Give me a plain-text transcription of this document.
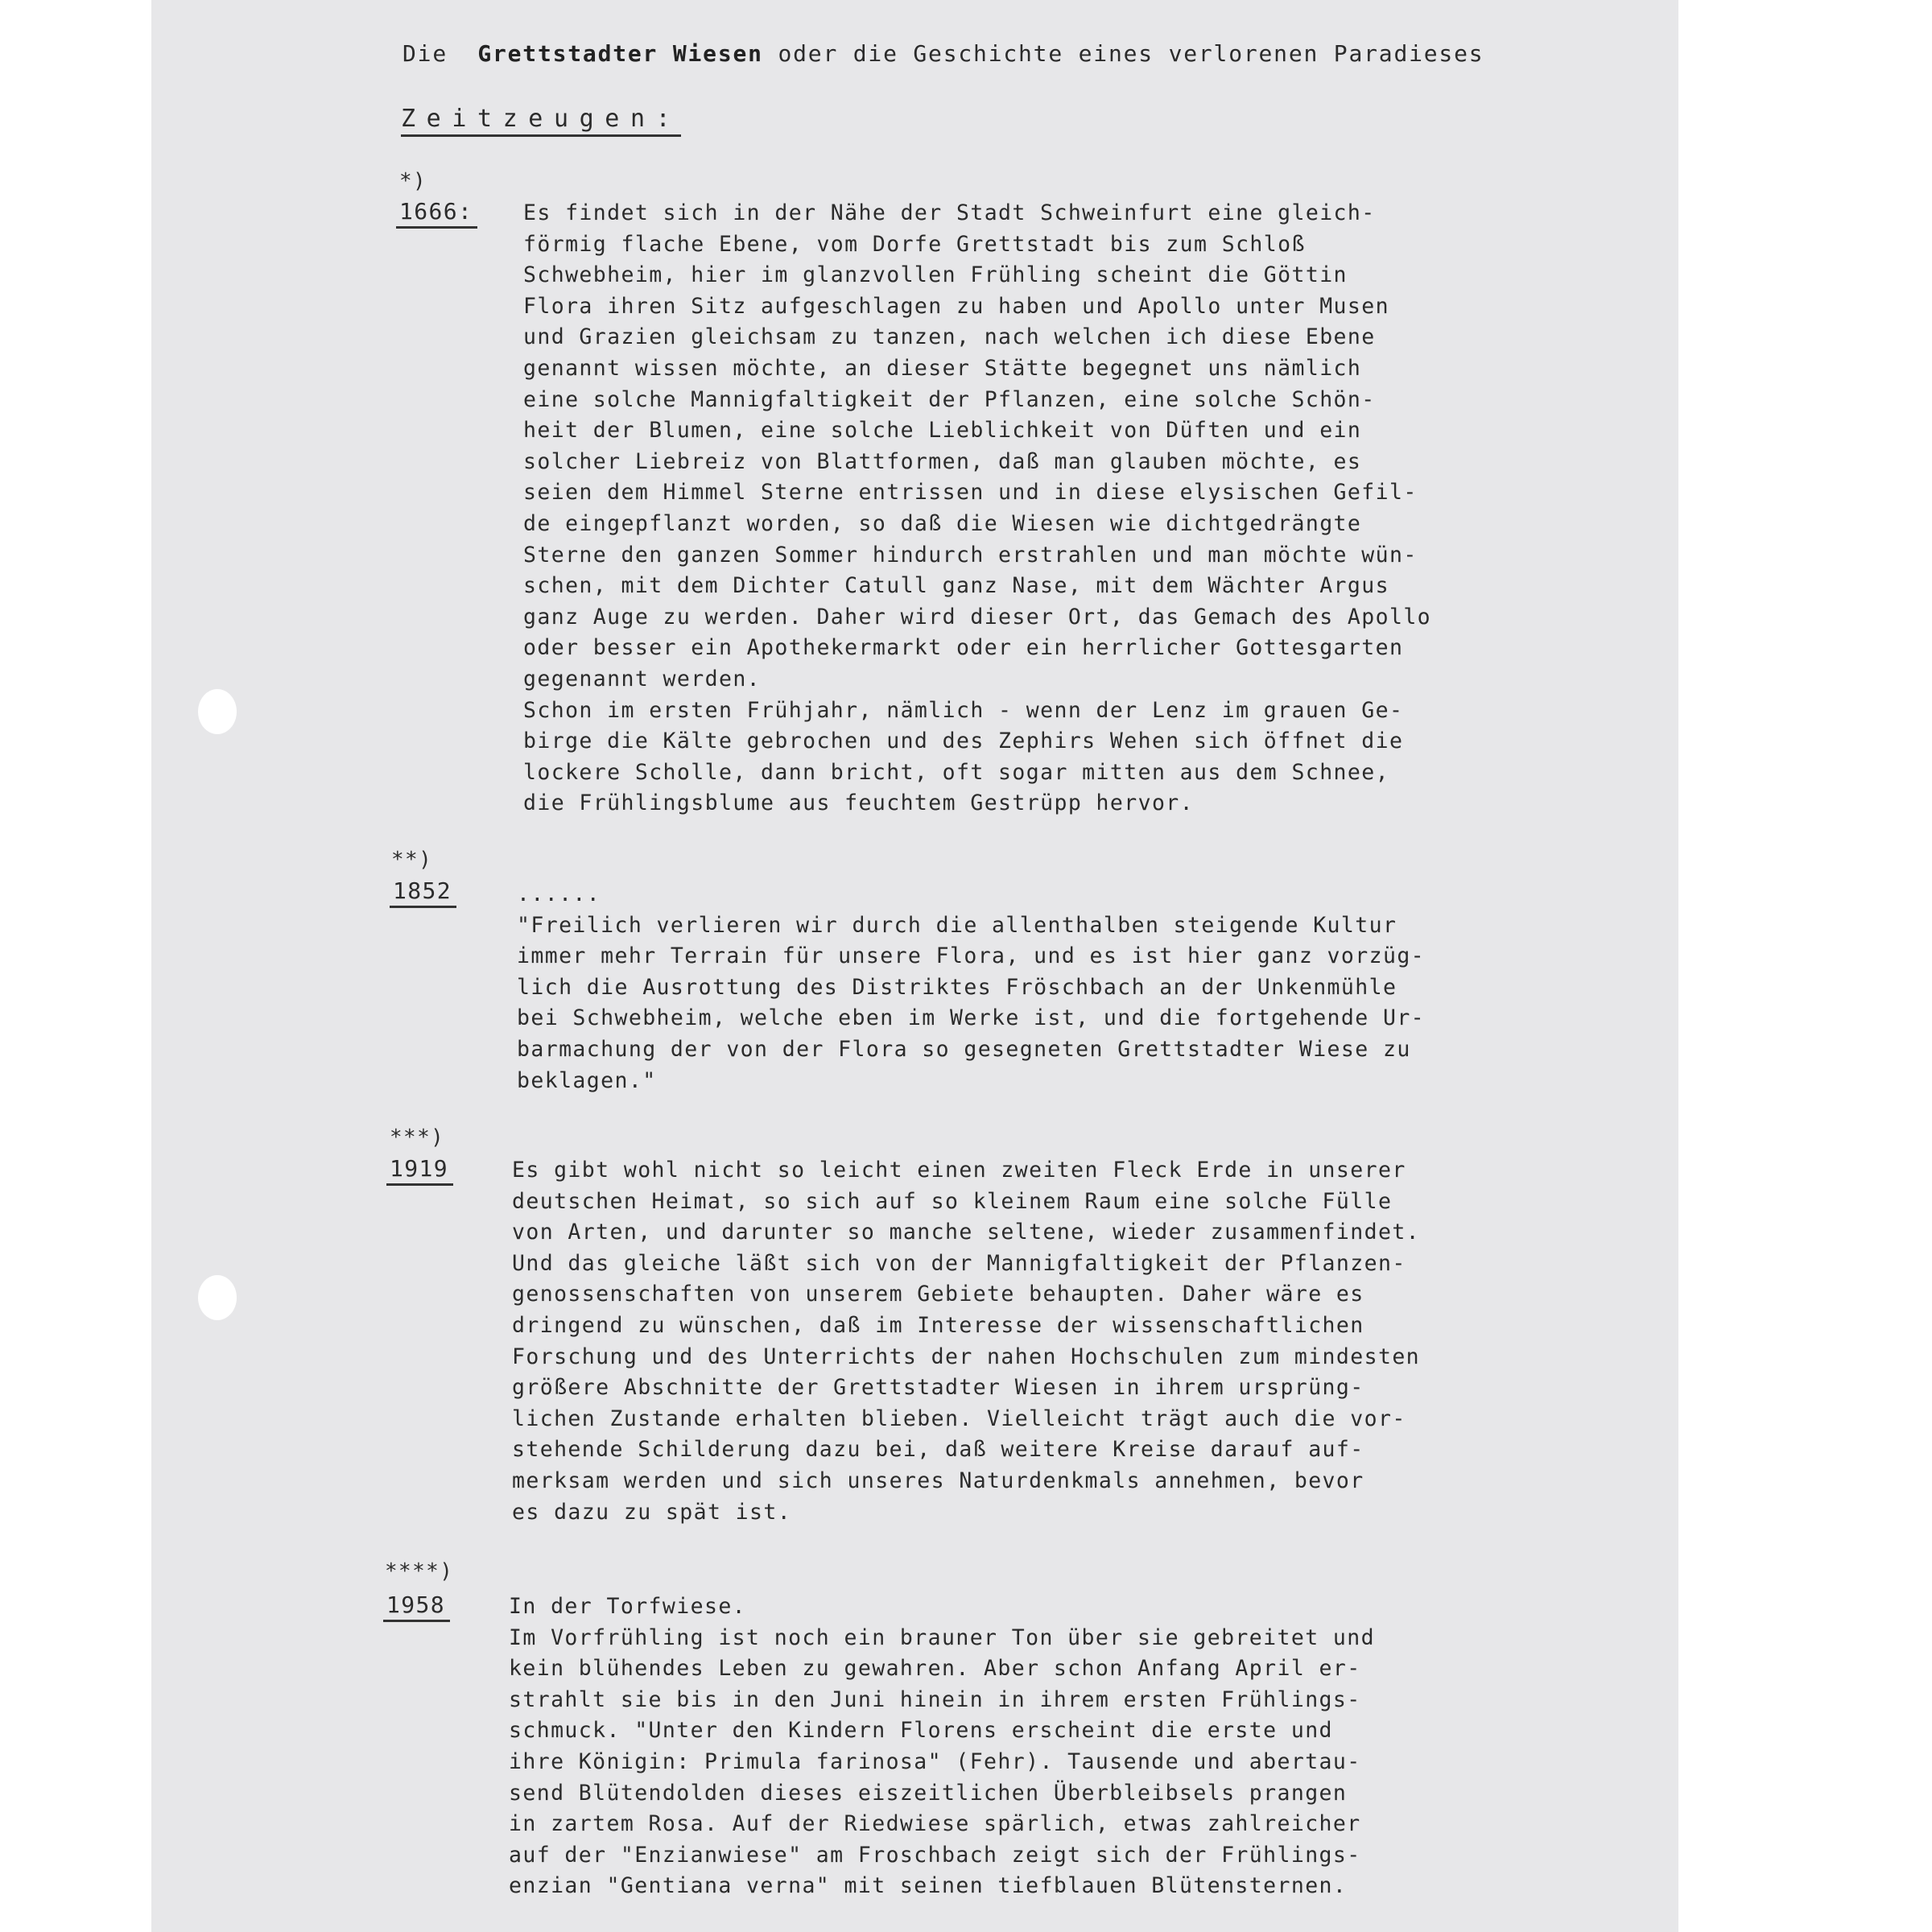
Die Grettstadter Wiesen oder die Geschichte eines verlorenen Paradieses
Zeitzeugen:
*)
1666: Es findet sich in der Nähe der Stadt Schweinfurt eine gleich-
förmig flache Ebene, vom Dorfe Grettstadt bis zum Schloß
Schwebheim, hier im glanzvollen Frühling scheint die Göttin
Flora ihren Sitz aufgeschlagen zu haben und Apollo unter Musen
und Grazien gleichsam zu tanzen, nach welchen ich diese Ebene
genannt wissen möchte, an dieser Stätte begegnet uns nämlich
eine solche Mannigfaltigkeit der Pflanzen, eine solche Schön-
heit der Blumen, eine solche Lieblichkeit von Düften und ein
solcher Liebreiz von Blattformen, daß man glauben möchte, es
seien dem Himmel Sterne entrissen und in diese elysischen Gefil-
de eingepflanzt worden, so daß die Wiesen wie dichtgedrängte
Sterne den ganzen Sommer hindurch erstrahlen und man möchte wün-
schen, mit dem Dichter Catull ganz Nase, mit dem Wächter Argus
ganz Auge zu werden. Daher wird dieser Ort, das Gemach des Apollo
oder besser ein Apothekermarkt oder ein herrlicher Gottesgarten
gegenannt werden.
Schon im ersten Frühjahr, nämlich - wenn der Lenz im grauen Ge-
birge die Kälte gebrochen und des Zephirs Wehen sich öffnet die
lockere Scholle, dann bricht, oft sogar mitten aus dem Schnee,
die Frühlingsblume aus feuchtem Gestrüpp hervor.
**)
1852	......
"Freilich verlieren wir durch die allenthalben steigende Kultur
immer mehr Terrain für unsere Flora, und es ist hier ganz vorzüg-
lich die Ausrottung des Distriktes Fröschbach an der Unkenmühle
bei Schwebheim, welche eben im Werke ist, und die fortgehende Ur-
barmachung der von der Flora so gesegneten Grettstadter Wiese zu
beklagen."
***)
1919	Es gibt wohl nicht so leicht einen zweiten Fleck Erde in unserer
deutschen Heimat, so sich auf so kleinem Raum eine solche Fülle
von Arten, und darunter so manche seltene, wieder zusammenfindet.
Und das gleiche läßt sich von der Mannigfaltigkeit der Pflanzen-
genossenschaften von unserem Gebiete behaupten. Daher wäre es
dringend zu wünschen, daß im Interesse der wissenschaftlichen
Forschung und des Unterrichts der nahen Hochschulen zum mindesten
größere Abschnitte der Grettstadter Wiesen in ihrem ursprüng-
lichen Zustande erhalten blieben. Vielleicht trägt auch die vor-
stehende Schilderung dazu bei, daß weitere Kreise darauf auf-
merksam werden und sich unseres Naturdenkmals annehmen, bevor
es dazu zu spät ist.
****)
1958	In der Torfwiese.
Im Vorfrühling ist noch ein brauner Ton über sie gebreitet und
kein blühendes Leben zu gewahren. Aber schon Anfang April er-
strahlt sie bis in den Juni hinein in ihrem ersten Frühlings-
schmuck. "Unter den Kindern Florens erscheint die erste und
ihre Königin: Primula farinosa" (Fehr). Tausende und abertau-
send Blütendolden dieses eiszeitlichen Überbleibsels prangen
in zartem Rosa. Auf der Riedwiese spärlich, etwas zahlreicher
auf der "Enzianwiese" am Froschbach zeigt sich der Frühlings-
enzian "Gentiana verna" mit seinen tiefblauen Blütensternen.
